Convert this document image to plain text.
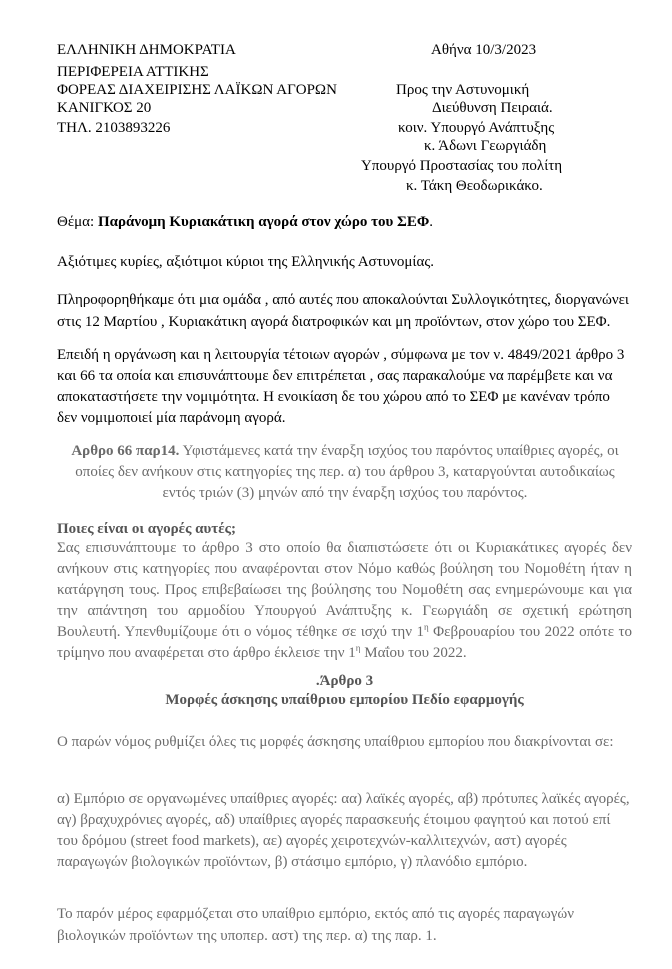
ΕΛΛΗΝΙΚΗ ΔΗΜΟΚΡΑΤΙΑ
ΠΕΡΙΦΕΡΕΙΑ ΑΤΤΙΚΗΣ
ΦΟΡΕΑΣ ΔΙΑΧΕΙΡΙΣΗΣ ΛΑΪΚΩΝ ΑΓΟΡΩΝ
ΚΑΝΙΓΚΟΣ 20
ΤΗΛ. 2103893226
Αθήνα 10/3/2023
Προς την Αστυνομική
Διεύθυνση Πειραιά.
κοιν. Υπουργό Ανάπτυξης
κ. Άδωνι Γεωργιάδη
Υπουργό Προστασίας του πολίτη
κ. Τάκη Θεοδωρικάκο.
Θέμα: Παράνομη Κυριακάτικη αγορά στον χώρο του ΣΕΦ.
Αξιότιμες κυρίες, αξιότιμοι κύριοι της Ελληνικής Αστυνομίας.
Πληροφορηθήκαμε ότι μια ομάδα , από αυτές που αποκαλούνται Συλλογικότητες, διοργανώνει στις 12 Μαρτίου , Κυριακάτικη αγορά διατροφικών και μη προϊόντων, στον χώρο του ΣΕΦ.
Επειδή η οργάνωση και η λειτουργία τέτοιων αγορών , σύμφωνα με τον ν. 4849/2021 άρθρο 3 και 66 τα οποία και επισυνάπτουμε δεν επιτρέπεται , σας παρακαλούμε να παρέμβετε και να αποκαταστήσετε την νομιμότητα. Η ενοικίαση δε του χώρου από το ΣΕΦ με κανέναν τρόπο δεν νομιμοποιεί μία παράνομη αγορά.
Αρθρο 66 παρ14. Υφιστάμενες κατά την έναρξη ισχύος του παρόντος υπαίθριες αγορές, οι οποίες δεν ανήκουν στις κατηγορίες της περ. α) του άρθρου 3, καταργούνται αυτοδικαίως εντός τριών (3) μηνών από την έναρξη ισχύος του παρόντος.
Ποιες είναι οι αγορές αυτές;
Σας επισυνάπτουμε το άρθρο 3 στο οποίο θα διαπιστώσετε ότι οι Κυριακάτικες αγορές δεν ανήκουν στις κατηγορίες που αναφέρονται στον Νόμο καθώς βούληση του Νομοθέτη ήταν η κατάργηση τους. Προς επιβεβαίωσει της βούλησης του Νομοθέτη σας ενημερώνουμε και για την απάντηση του αρμοδίου Υπουργού Ανάπτυξης κ. Γεωργιάδη σε σχετική ερώτηση Βουλευτή. Υπενθυμίζουμε ότι ο νόμος τέθηκε σε ισχύ την $1^\eta$ Φεβρουαρίου του 2022 οπότε το τρίμηνο που αναφέρεται στο άρθρο έκλεισε την $1^\eta$ Μαΐου του 2022.
.Άρθρο 3
Μορφές άσκησης υπαίθριου εμπορίου Πεδίο εφαρμογής
Ο παρών νόμος ρυθμίζει όλες τις μορφές άσκησης υπαίθριου εμπορίου που διακρίνονται σε:
α) Εμπόριο σε οργανωμένες υπαίθριες αγορές: αα) λαϊκές αγορές, αβ) πρότυπες λαϊκές αγορές, αγ) βραχυχρόνιες αγορές, αδ) υπαίθριες αγορές παρασκευής έτοιμου φαγητού και ποτού επί του δρόμου (street food markets), αε) αγορές χειροτεχνών-καλλιτεχνών, αστ) αγορές παραγωγών βιολογικών προϊόντων, β) στάσιμο εμπόριο, γ) πλανόδιο εμπόριο.
Το παρόν μέρος εφαρμόζεται στο υπαίθριο εμπόριο, εκτός από τις αγορές παραγωγών βιολογικών προϊόντων της υποπερ. αστ) της περ. α) της παρ. 1.
